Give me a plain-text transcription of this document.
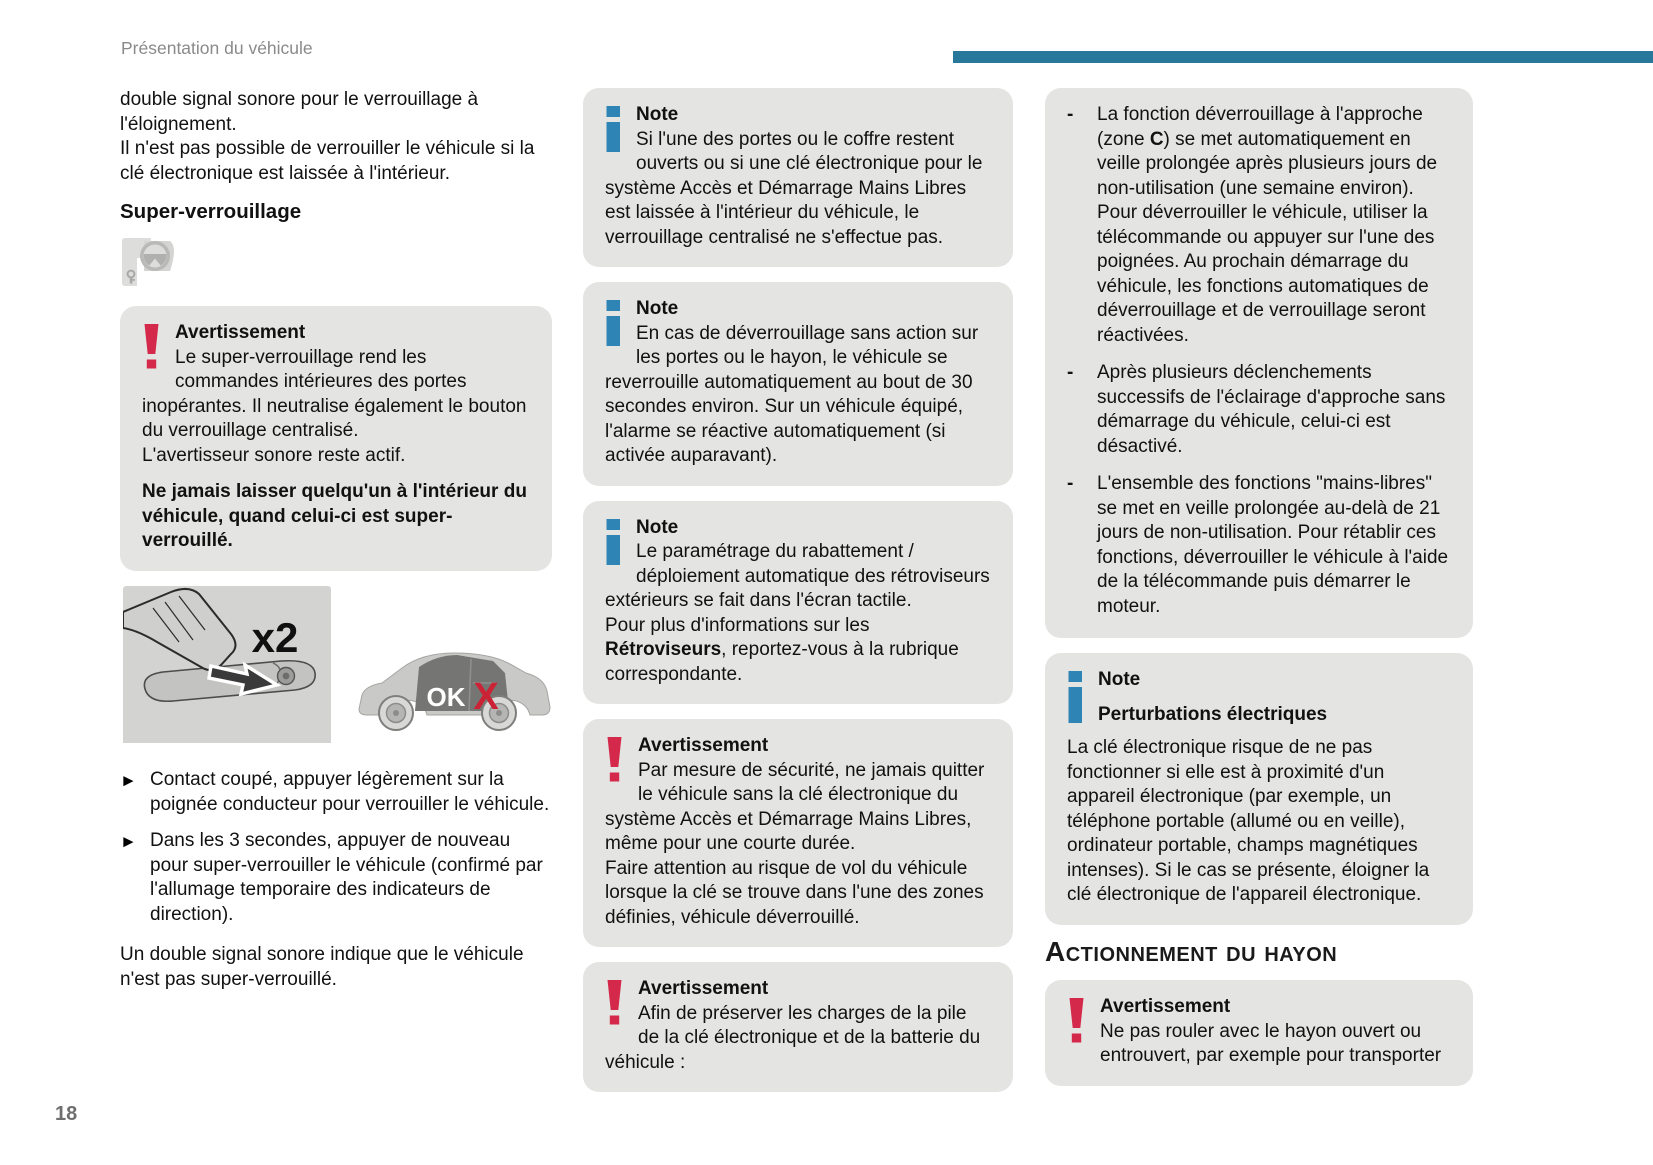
Présentation du véhicule
double signal sonore pour le verrouillage à l'éloignement.
Il n'est pas possible de verrouiller le véhicule si la clé électronique est laissée à l'intérieur.
Super-verrouillage
Avertissement
Le super-verrouillage rend les commandes intérieures des portes inopérantes. Il neutralise également le bouton du verrouillage centralisé.
L'avertisseur sonore reste actif.
Ne jamais laisser quelqu'un à l'intérieur du véhicule, quand celui-ci est super-verrouillé.
x2
OK X
► Contact coupé, appuyer légèrement sur la poignée conducteur pour verrouiller le véhicule.
► Dans les 3 secondes, appuyer de nouveau pour super-verrouiller le véhicule (confirmé par l'allumage temporaire des indicateurs de direction).
Un double signal sonore indique que le véhicule n'est pas super-verrouillé.
Note
Si l'une des portes ou le coffre restent ouverts ou si une clé électronique pour le système Accès et Démarrage Mains Libres est laissée à l'intérieur du véhicule, le verrouillage centralisé ne s'effectue pas.
Note
En cas de déverrouillage sans action sur les portes ou le hayon, le véhicule se reverrouille automatiquement au bout de 30 secondes environ. Sur un véhicule équipé, l'alarme se réactive automatiquement (si activée auparavant).
Note
Le paramétrage du rabattement / déploiement automatique des rétroviseurs extérieurs se fait dans l'écran tactile.
Pour plus d'informations sur les Rétroviseurs, reportez-vous à la rubrique correspondante.
Avertissement
Par mesure de sécurité, ne jamais quitter le véhicule sans la clé électronique du système Accès et Démarrage Mains Libres, même pour une courte durée.
Faire attention au risque de vol du véhicule lorsque la clé se trouve dans l'une des zones définies, véhicule déverrouillé.
Avertissement
Afin de préserver les charges de la pile de la clé électronique et de la batterie du véhicule :
-	La fonction déverrouillage à l'approche (zone C) se met automatiquement en veille prolongée après plusieurs jours de non-utilisation (une semaine environ). Pour déverrouiller le véhicule, utiliser la télécommande ou appuyer sur l'une des poignées. Au prochain démarrage du véhicule, les fonctions automatiques de déverrouillage et de verrouillage seront réactivées.
-	Après plusieurs déclenchements successifs de l'éclairage d'approche sans démarrage du véhicule, celui-ci est désactivé.
-	L'ensemble des fonctions "mains-libres" se met en veille prolongée au-delà de 21 jours de non-utilisation. Pour rétablir ces fonctions, déverrouiller le véhicule à l'aide de la télécommande puis démarrer le moteur.
Note
Perturbations électriques
La clé électronique risque de ne pas fonctionner si elle est à proximité d'un appareil électronique (par exemple, un téléphone portable (allumé ou en veille), ordinateur portable, champs magnétiques intenses). Si le cas se présente, éloigner la clé électronique de l'appareil électronique.
Actionnement du hayon
Avertissement
Ne pas rouler avec le hayon ouvert ou entrouvert, par exemple pour transporter
18
